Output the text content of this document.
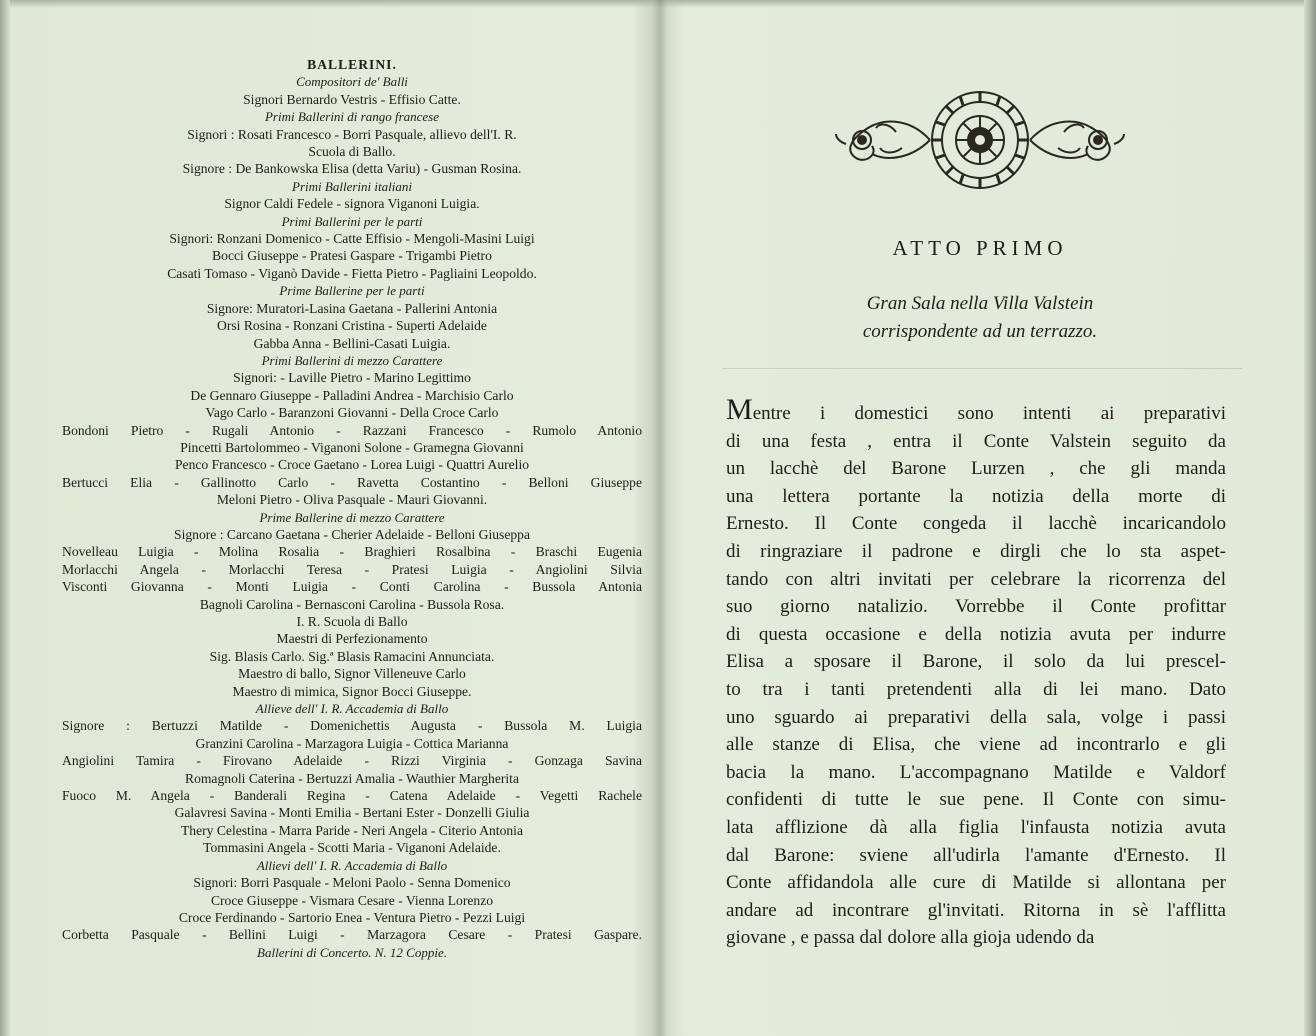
BALLERINI.
Compositori de' Balli
Signori Bernardo Vestris - Effisio Catte.
Primi Ballerini di rango francese
Signori : Rosati Francesco - Borri Pasquale, allievo dell'I. R.
Scuola di Ballo.
Signore : De Bankowska Elisa (detta Variu) - Gusman Rosina.
Primi Ballerini italiani
Signor Caldi Fedele - signora Viganoni Luigia.
Primi Ballerini per le parti
Signori: Ronzani Domenico - Catte Effisio - Mengoli-Masini Luigi
Bocci Giuseppe - Pratesi Gaspare - Trigambi Pietro
Casati Tomaso - Viganò Davide - Fietta Pietro - Pagliaini Leopoldo.
Prime Ballerine per le parti
Signore: Muratori-Lasina Gaetana - Pallerini Antonia
Orsi Rosina - Ronzani Cristina - Superti Adelaide
Gabba Anna - Bellini-Casati Luigia.
Primi Ballerini di mezzo Carattere
Signori: - Laville Pietro - Marino Legittimo
De Gennaro Giuseppe - Palladini Andrea - Marchisio Carlo
Vago Carlo - Baranzoni Giovanni - Della Croce Carlo
Bondoni Pietro - Rugali Antonio - Razzani Francesco - Rumolo Antonio
Pincetti Bartolommeo - Viganoni Solone - Gramegna Giovanni
Penco Francesco - Croce Gaetano - Lorea Luigi - Quattri Aurelio
Bertucci Elia - Gallinotto Carlo - Ravetta Costantino - Belloni Giuseppe
Meloni Pietro - Oliva Pasquale - Mauri Giovanni.
Prime Ballerine di mezzo Carattere
Signore : Carcano Gaetana - Cherier Adelaide - Belloni Giuseppa
Novelleau Luigia - Molina Rosalia - Braghieri Rosalbina - Braschi Eugenia
Morlacchi Angela - Morlacchi Teresa - Pratesi Luigia - Angiolini Silvia
Visconti Giovanna - Monti Luigia - Conti Carolina - Bussola Antonia
Bagnoli Carolina - Bernasconi Carolina - Bussola Rosa.
I. R. Scuola di Ballo
Maestri di Perfezionamento
Sig. Blasis Carlo. Sig.ª Blasis Ramacini Annunciata.
Maestro di ballo, Signor Villeneuve Carlo
Maestro di mimica, Signor Bocci Giuseppe.
Allieve dell' I. R. Accademia di Ballo
Signore : Bertuzzi Matilde - Domenichettis Augusta - Bussola M. Luigia
Granzini Carolina - Marzagora Luigia - Cottica Marianna
Angiolini Tamira - Firovano Adelaide - Rizzi Virginia - Gonzaga Savina
Romagnoli Caterina - Bertuzzi Amalia - Wauthier Margherita
Fuoco M. Angela - Banderali Regina - Catena Adelaide - Vegetti Rachele
Galavresi Savina - Monti Emilia - Bertani Ester - Donzelli Giulia
Thery Celestina - Marra Paride - Neri Angela - Citerio Antonia
Tommasini Angela - Scotti Maria - Viganoni Adelaide.
Allievi dell' I. R. Accademia di Ballo
Signori: Borri Pasquale - Meloni Paolo - Senna Domenico
Croce Giuseppe - Vismara Cesare - Vienna Lorenzo
Croce Ferdinando - Sartorio Enea - Ventura Pietro - Pezzi Luigi
Corbetta Pasquale - Bellini Luigi - Marzagora Cesare - Pratesi Gaspare.
Ballerini di Concerto. N. 12 Coppie.
ATTO PRIMO
Gran Sala nella Villa Valstein
corrispondente ad un terrazzo.
Mentre i domestici sono intenti ai preparativi
di una festa , entra il Conte Valstein seguito da
un lacchè del Barone Lurzen , che gli manda
una lettera portante la notizia della morte di
Ernesto. Il Conte congeda il lacchè incaricandolo
di ringraziare il padrone e dirgli che lo sta aspet-
tando con altri invitati per celebrare la ricorrenza del
suo giorno natalizio. Vorrebbe il Conte profittar
di questa occasione e della notizia avuta per indurre
Elisa a sposare il Barone, il solo da lui prescel-
to tra i tanti pretendenti alla di lei mano. Dato
uno sguardo ai preparativi della sala, volge i passi
alle stanze di Elisa, che viene ad incontrarlo e gli
bacia la mano. L'accompagnano Matilde e Valdorf
confidenti di tutte le sue pene. Il Conte con simu-
lata afflizione dà alla figlia l'infausta notizia avuta
dal Barone: sviene all'udirla l'amante d'Ernesto. Il
Conte affidandola alle cure di Matilde si allontana per
andare ad incontrare gl'invitati. Ritorna in sè l'afflitta
giovane , e passa dal dolore alla gioja udendo da
